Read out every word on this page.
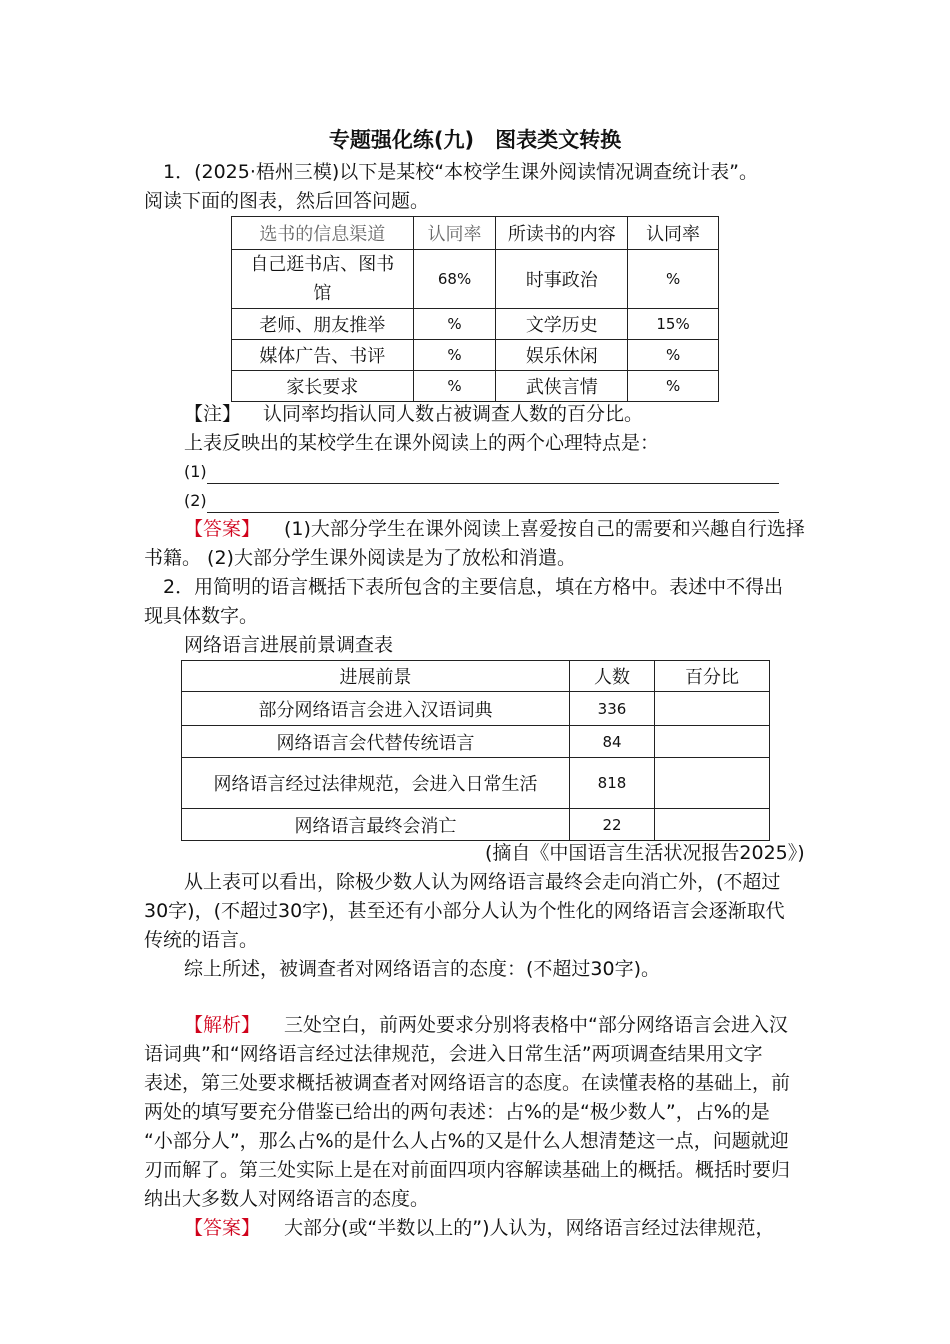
专题强化练(九)　图表类文转换
1．(2025·梧州三模)以下是某校“本校学生课外阅读情况调查统计表”。
阅读下面的图表，然后回答问题。
选书的信息渠道	认同率	所读书的内容	认同率
自己逛书店、图书馆	68%	时事政治	%
老师、朋友推举	%	文学历史	15%
媒体广告、书评	%	娱乐休闲	%
家长要求	%	武侠言情	%
【注】 认同率均指认同人数占被调查人数的百分比。
上表反映出的某校学生在课外阅读上的两个心理特点是：
(1)
(2)
【答案】 (1)大部分学生在课外阅读上喜爱按自己的需要和兴趣自行选择
书籍。 (2)大部分学生课外阅读是为了放松和消遣。
2．用简明的语言概括下表所包含的主要信息，填在方格中。表述中不得出
现具体数字。
网络语言进展前景调查表
进展前景	人数	百分比
部分网络语言会进入汉语词典	336	
网络语言会代替传统语言	84	
网络语言经过法律规范，会进入日常生活	818	
网络语言最终会消亡	22	
(摘自《中国语言生活状况报告2025》)
从上表可以看出，除极少数人认为网络语言最终会走向消亡外，(不超过
30字)，(不超过30字)，甚至还有小部分人认为个性化的网络语言会逐渐取代
传统的语言。
综上所述，被调查者对网络语言的态度：(不超过30字)。
【解析】 三处空白，前两处要求分别将表格中“部分网络语言会进入汉
语词典”和“网络语言经过法律规范，会进入日常生活”两项调查结果用文字
表述，第三处要求概括被调查者对网络语言的态度。在读懂表格的基础上，前
两处的填写要充分借鉴已给出的两句表述：占%的是“极少数人”，占%的是
“小部分人”，那么占%的是什么人占%的又是什么人想清楚这一点，问题就迎
刃而解了。第三处实际上是在对前面四项内容解读基础上的概括。概括时要归
纳出大多数人对网络语言的态度。
【答案】 大部分(或“半数以上的”)人认为，网络语言经过法律规范，
